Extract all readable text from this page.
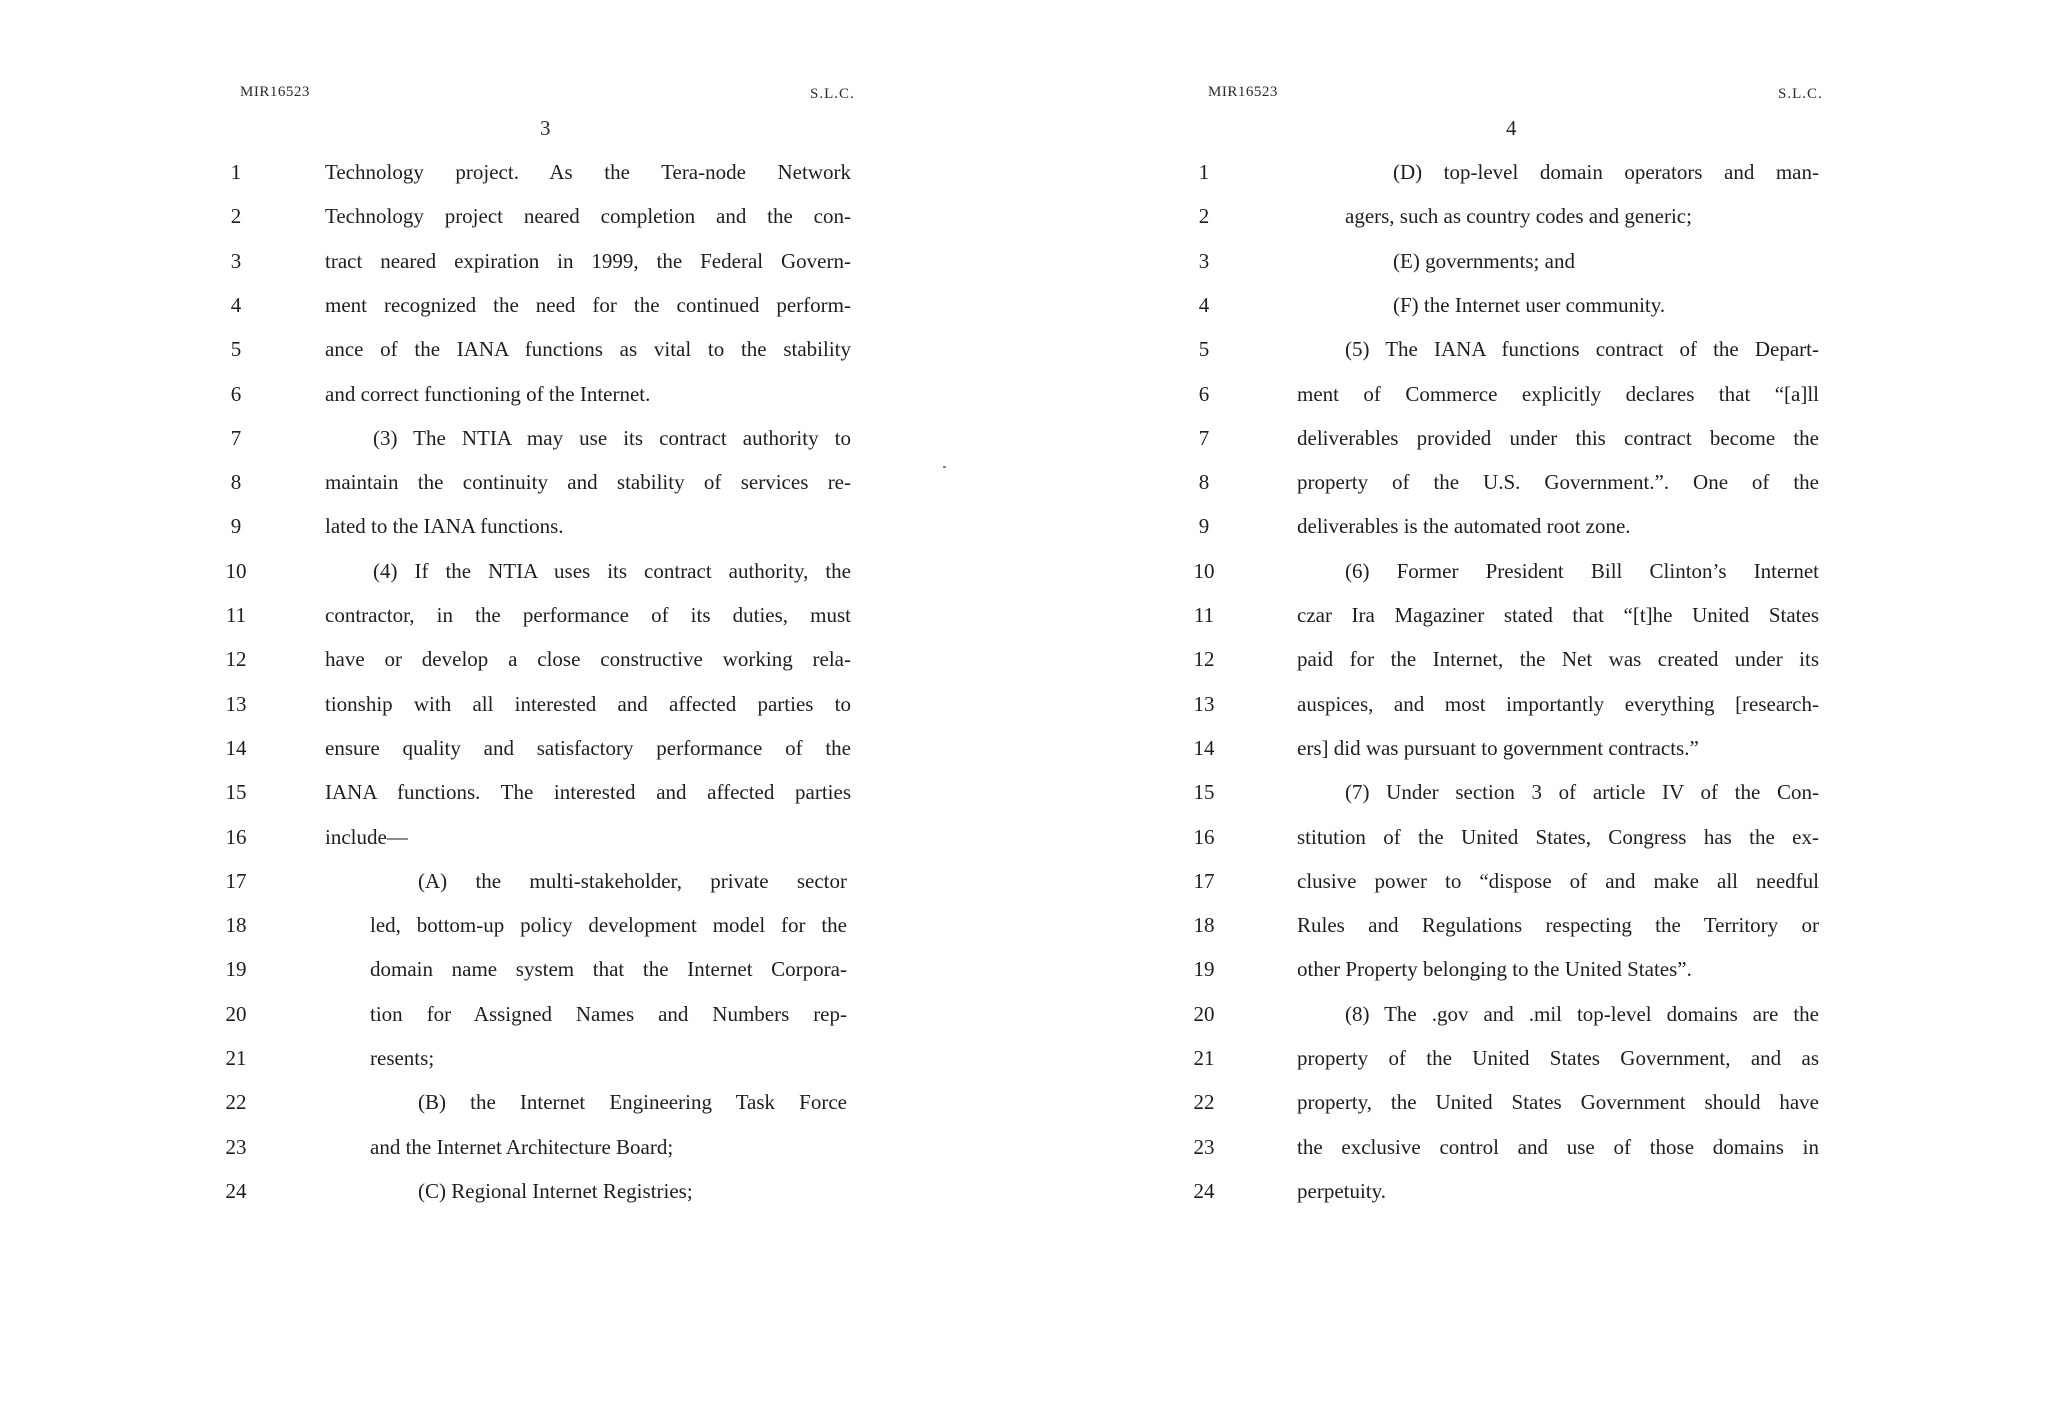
MIR16523	S.L.C.
3
1	Technology project. As the Tera-node Network
2	Technology project neared completion and the con-
3	tract neared expiration in 1999, the Federal Govern-
4	ment recognized the need for the continued perform-
5	ance of the IANA functions as vital to the stability
6	and correct functioning of the Internet.
7	(3) The NTIA may use its contract authority to
8	maintain the continuity and stability of services re-
9	lated to the IANA functions.
10	(4) If the NTIA uses its contract authority, the
11	contractor, in the performance of its duties, must
12	have or develop a close constructive working rela-
13	tionship with all interested and affected parties to
14	ensure quality and satisfactory performance of the
15	IANA functions. The interested and affected parties
16	include—
17	(A) the multi-stakeholder, private sector
18	led, bottom-up policy development model for the
19	domain name system that the Internet Corpora-
20	tion for Assigned Names and Numbers rep-
21	resents;
22	(B) the Internet Engineering Task Force
23	and the Internet Architecture Board;
24	(C) Regional Internet Registries;
MIR16523	S.L.C.
4
1	(D) top-level domain operators and man-
2	agers, such as country codes and generic;
3	(E) governments; and
4	(F) the Internet user community.
5	(5) The IANA functions contract of the Depart-
6	ment of Commerce explicitly declares that “[a]ll
7	deliverables provided under this contract become the
8	property of the U.S. Government.”. One of the
9	deliverables is the automated root zone.
10	(6) Former President Bill Clinton’s Internet
11	czar Ira Magaziner stated that “[t]he United States
12	paid for the Internet, the Net was created under its
13	auspices, and most importantly everything [research-
14	ers] did was pursuant to government contracts.”
15	(7) Under section 3 of article IV of the Con-
16	stitution of the United States, Congress has the ex-
17	clusive power to “dispose of and make all needful
18	Rules and Regulations respecting the Territory or
19	other Property belonging to the United States”.
20	(8) The .gov and .mil top-level domains are the
21	property of the United States Government, and as
22	property, the United States Government should have
23	the exclusive control and use of those domains in
24	perpetuity.
